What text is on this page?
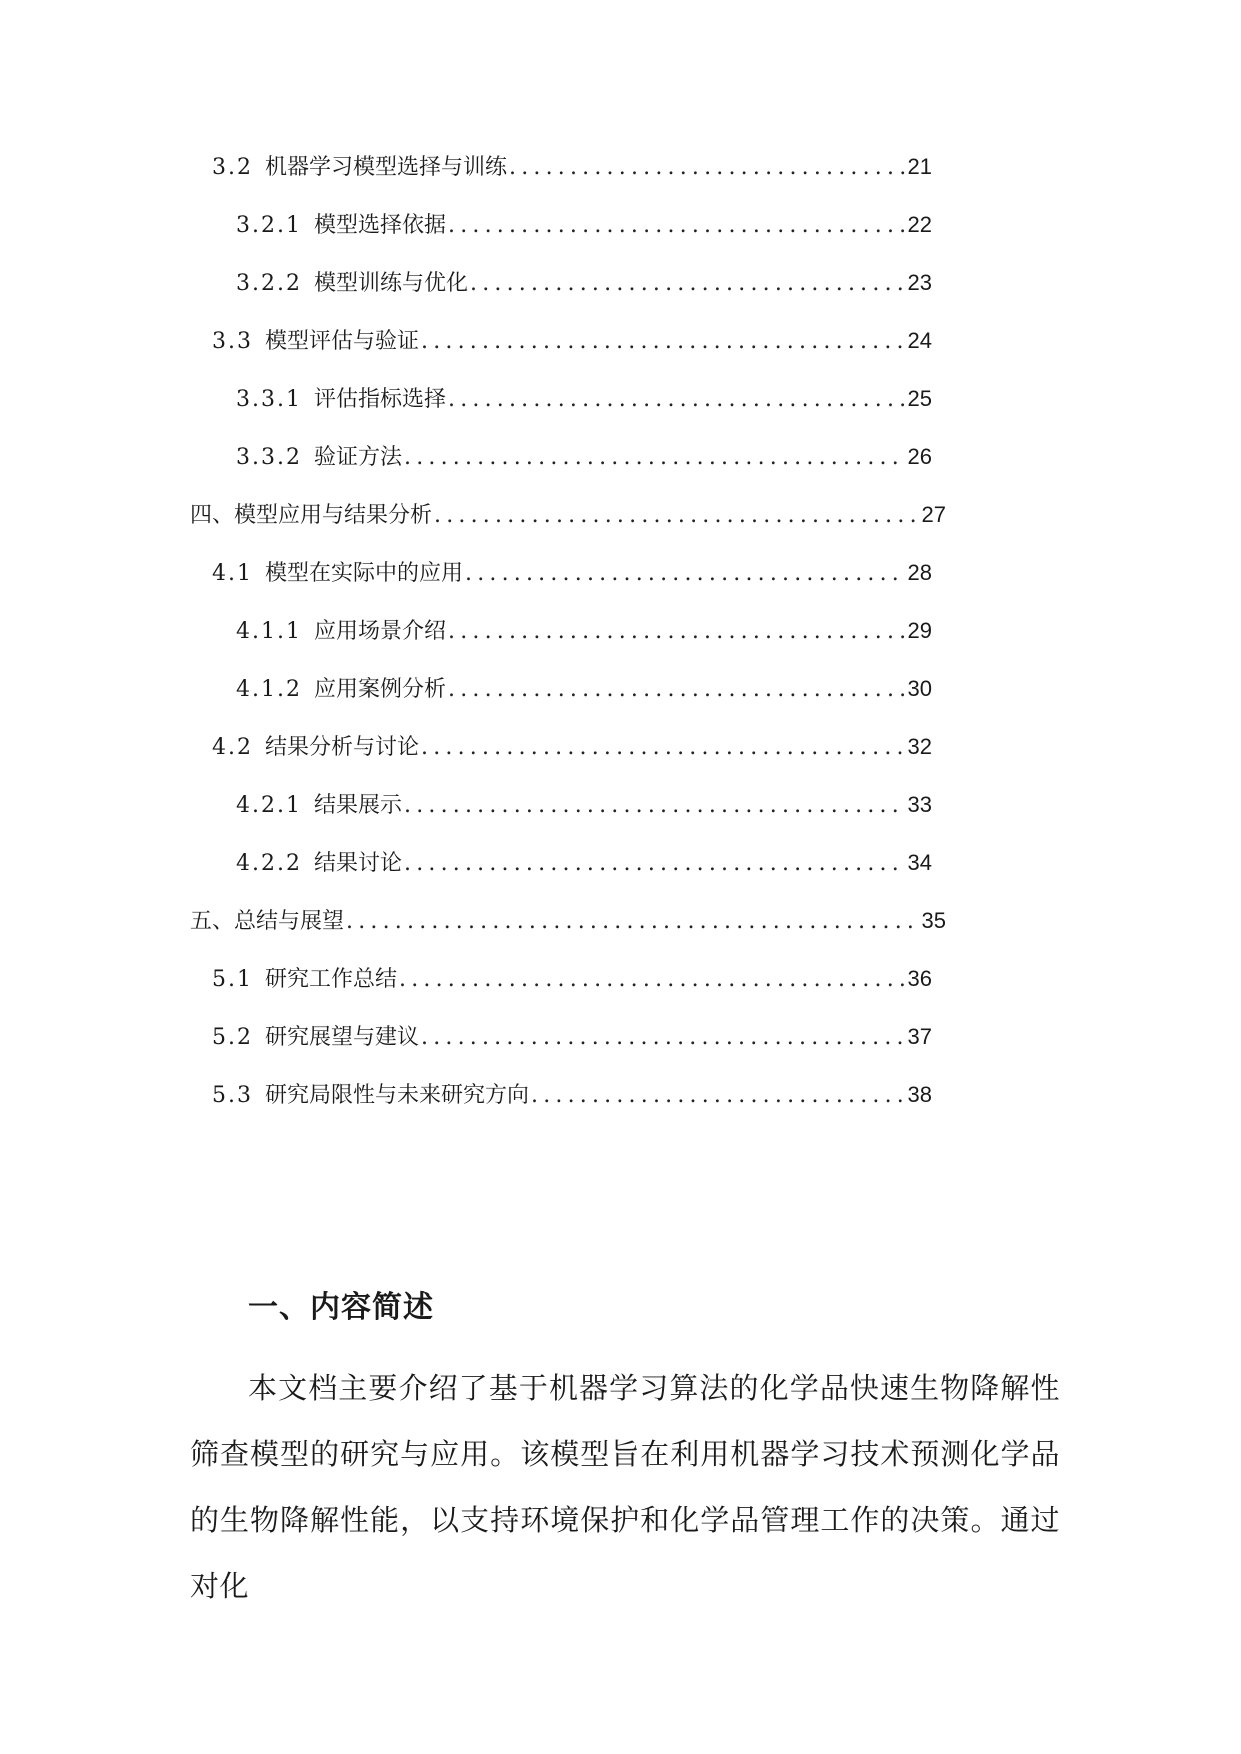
3.2 机器学习模型选择与训练 .....	21
3.2.1 模型选择依据 .....	22
3.2.2 模型训练与优化 .....	23
3.3 模型评估与验证 .....	24
3.3.1 评估指标选择 .....	25
3.3.2 验证方法 .....	26
四、 模型应用与结果分析 .....	27
4.1 模型在实际中的应用 .....	28
4.1.1 应用场景介绍 .....	29
4.1.2 应用案例分析 .....	30
4.2 结果分析与讨论 .....	32
4.2.1 结果展示 .....	33
4.2.2 结果讨论 .....	34
五、 总结与展望 .....	35
5.1 研究工作总结 .....	36
5.2 研究展望与建议 .....	37
5.3 研究局限性与未来研究方向 .....	38
一、内容简述

本文档主要介绍了基于机器学习算法的化学品快速生物降解性筛查模型的研究与应用。该模型旨在利用机器学习技术预测化学品的生物降解性能，以支持环境保护和化学品管理工作的决策。通过对化
